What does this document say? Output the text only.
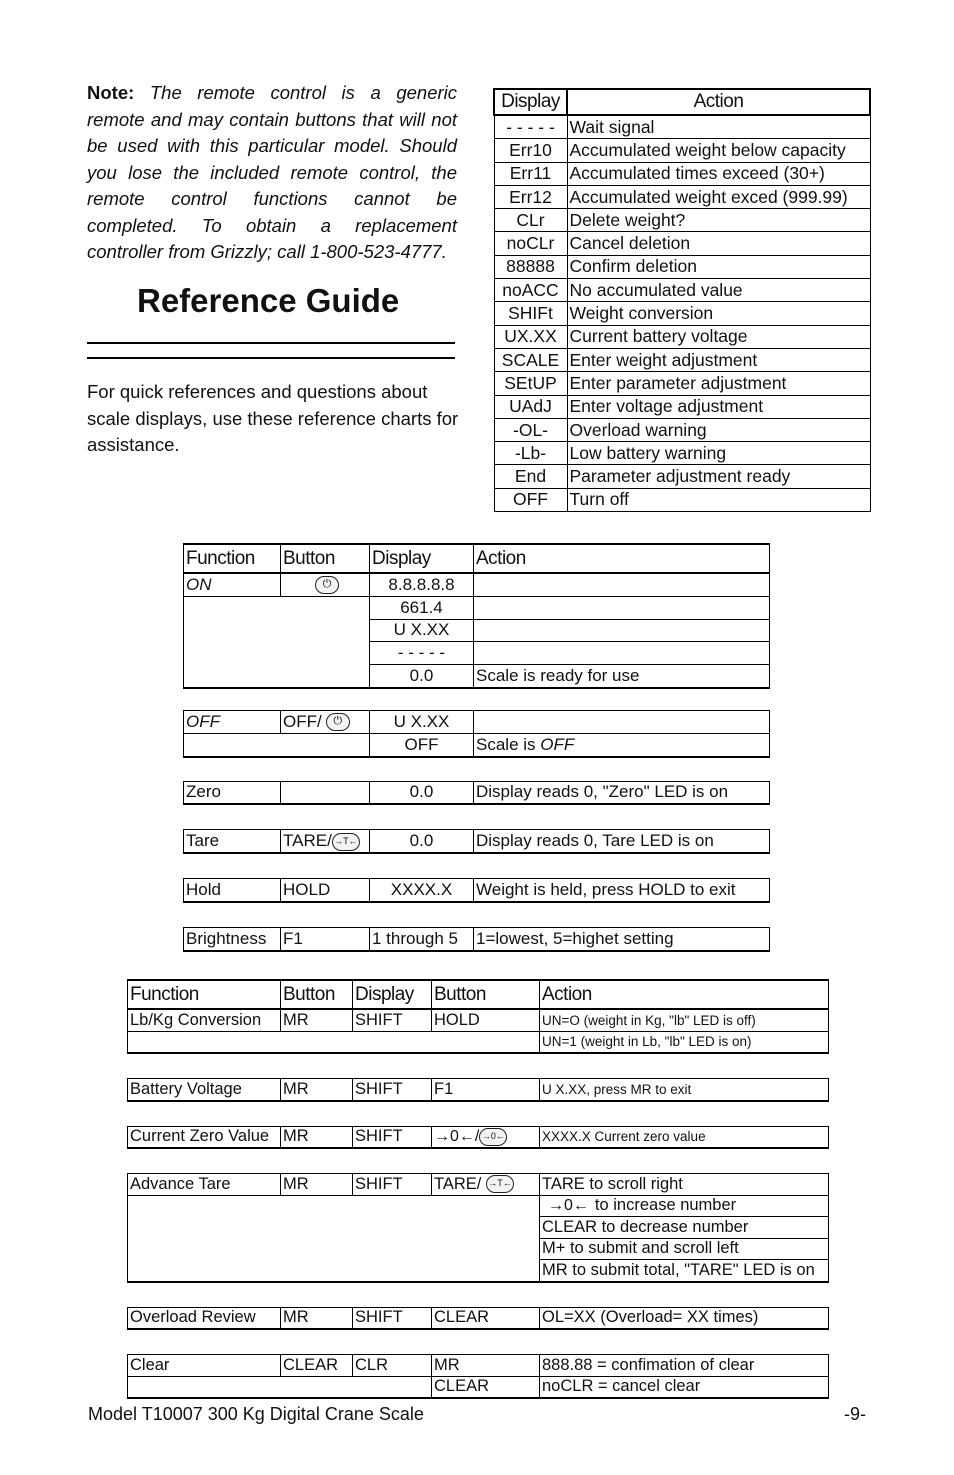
Note: The remote control is a generic remote and may contain buttons that will not be used with this particular model. Should you lose the included remote control, the remote control functions cannot be completed. To obtain a replacement controller from Grizzly; call 1-800-523-4777.
Reference Guide
For quick references and questions about scale displays, use these reference charts for assistance.
Display	Action
- - - - -	Wait signal
Err10	Accumulated weight below capacity
Err11	Accumulated times exceed (30+)
Err12	Accumulated weight exced (999.99)
CLr	Delete weight?
noCLr	Cancel deletion
88888	Confirm deletion
noACC	No accumulated value
SHIFt	Weight conversion
UX.XX	Current battery voltage
SCALE	Enter weight adjustment
SEtUP	Enter parameter adjustment
UAdJ	Enter voltage adjustment
-OL-	Overload warning
-Lb-	Low battery warning
End	Parameter adjustment ready
OFF	Turn off
Function	Button	Display	Action
ON	⏻	8.8.8.8.8	
		661.4	
		U X.XX	
		- - - - -	
		0.0	Scale is ready for use

OFF	OFF/ ⏻	U X.XX	
		OFF	Scale is OFF

Zero		0.0	Display reads 0, "Zero" LED is on

Tare	TARE/ →T←	0.0	Display reads 0, Tare LED is on

Hold	HOLD	XXXX.X	Weight is held, press HOLD to exit

Brightness	F1	1 through 5	1=lowest, 5=highet setting
Function	Button	Display	Button	Action
Lb/Kg Conversion	MR	SHIFT	HOLD	UN=O (weight in Kg, "lb" LED is off)
				UN=1 (weight in Lb, "lb" LED is on)

Battery Voltage	MR	SHIFT	F1	U X.XX, press MR to exit

Current Zero Value	MR	SHIFT	→0←/ →0←	XXXX.X Current zero value

Advance Tare	MR	SHIFT	TARE/ →T←	TARE to scroll right
				→0← to increase number
				CLEAR to decrease number
				M+ to submit and scroll left
				MR to submit total, "TARE" LED is on

Overload Review	MR	SHIFT	CLEAR	OL=XX (Overload= XX times)

Clear	CLEAR	CLR	MR	888.88 = confimation of clear
			CLEAR	noCLR = cancel clear
Model T10007 300 Kg Digital Crane Scale	-9-
